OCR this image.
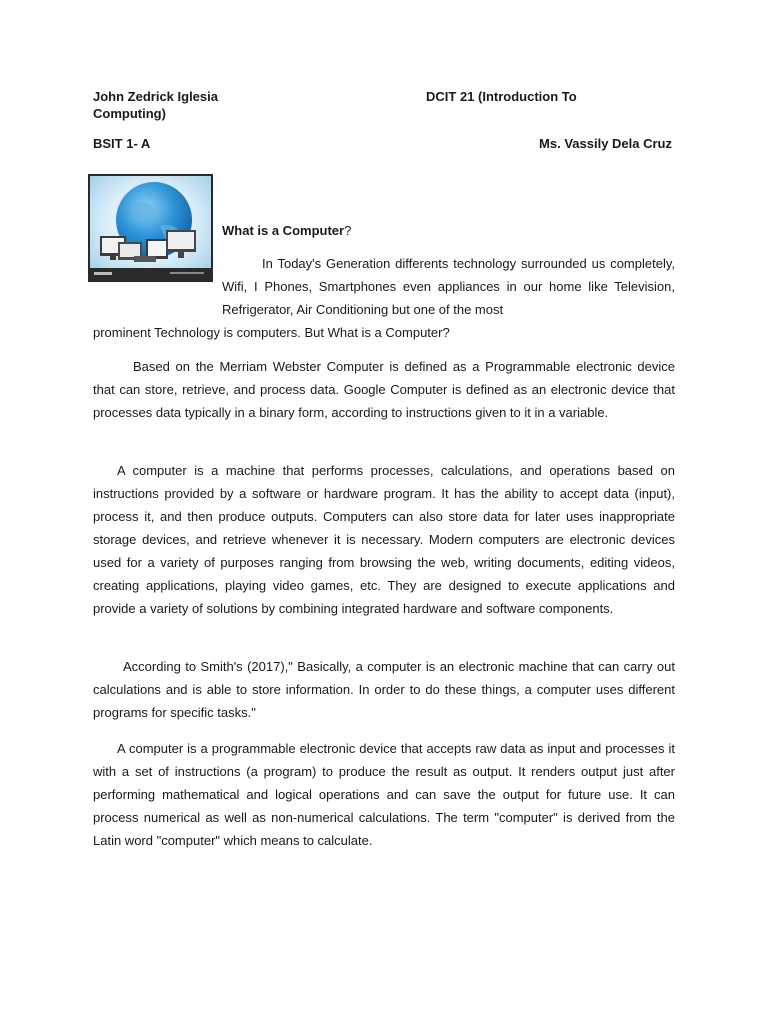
John Zedrick Iglesia	DCIT 21 (Introduction To
Computing)
BSIT 1- A	Ms. Vassily Dela Cruz
What is a Computer?

In Today's Generation differents technology surrounded us completely, Wifi, I Phones, Smartphones even appliances in our home like Television, Refrigerator, Air Conditioning but one of the most

prominent Technology is computers. But What is a Computer?

Based on the Merriam Webster Computer is defined as a Programmable electronic device that can store, retrieve, and process data. Google Computer is defined as an electronic device that processes data typically in a binary form, according to instructions given to it in a variable.

A computer is a machine that performs processes, calculations, and operations based on instructions provided by a software or hardware program. It has the ability to accept data (input), process it, and then produce outputs. Computers can also store data for later uses inappropriate storage devices, and retrieve whenever it is necessary. Modern computers are electronic devices used for a variety of purposes ranging from browsing the web, writing documents, editing videos, creating applications, playing video games, etc. They are designed to execute applications and provide a variety of solutions by combining integrated hardware and software components.

According to Smith's (2017)," Basically, a computer is an electronic machine that can carry out calculations and is able to store information. In order to do these things, a computer uses different programs for specific tasks."

A computer is a programmable electronic device that accepts raw data as input and processes it with a set of instructions (a program) to produce the result as output. It renders output just after performing mathematical and logical operations and can save the output for future use. It can process numerical as well as non-numerical calculations. The term "computer" is derived from the Latin word "computer" which means to calculate.
